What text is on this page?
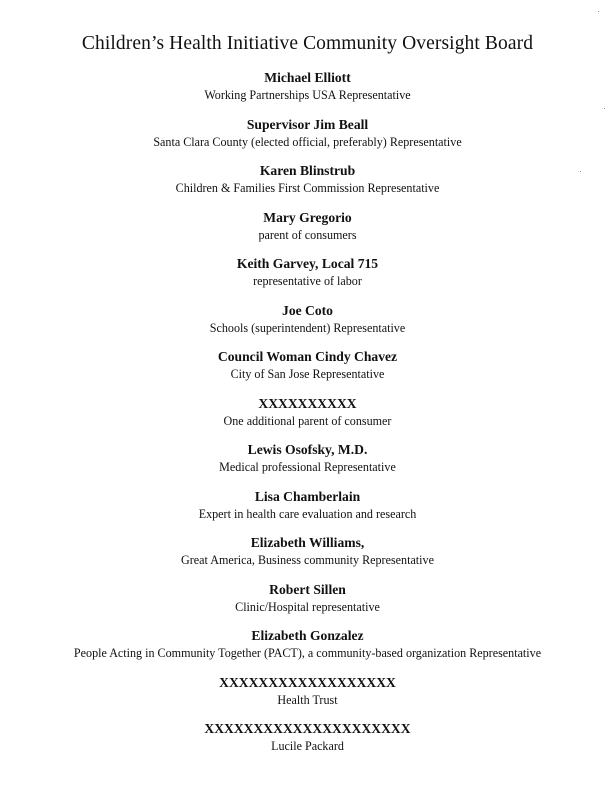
Children’s Health Initiative Community Oversight Board
Michael Elliott
Working Partnerships USA Representative
Supervisor Jim Beall
Santa Clara County (elected official, preferably) Representative
Karen Blinstrub
Children & Families First Commission Representative
Mary Gregorio
parent of consumers
Keith Garvey, Local 715
representative of labor
Joe Coto
Schools (superintendent) Representative
Council Woman Cindy Chavez
City of San Jose Representative
XXXXXXXXXX
One additional parent of consumer
Lewis Osofsky, M.D.
Medical professional Representative
Lisa Chamberlain
Expert in health care evaluation and research
Elizabeth Williams,
Great America, Business community Representative
Robert Sillen
Clinic/Hospital representative
Elizabeth Gonzalez
People Acting in Community Together (PACT), a community-based organization Representative
XXXXXXXXXXXXXXXXXX
Health Trust
XXXXXXXXXXXXXXXXXXXXX
Lucile Packard
